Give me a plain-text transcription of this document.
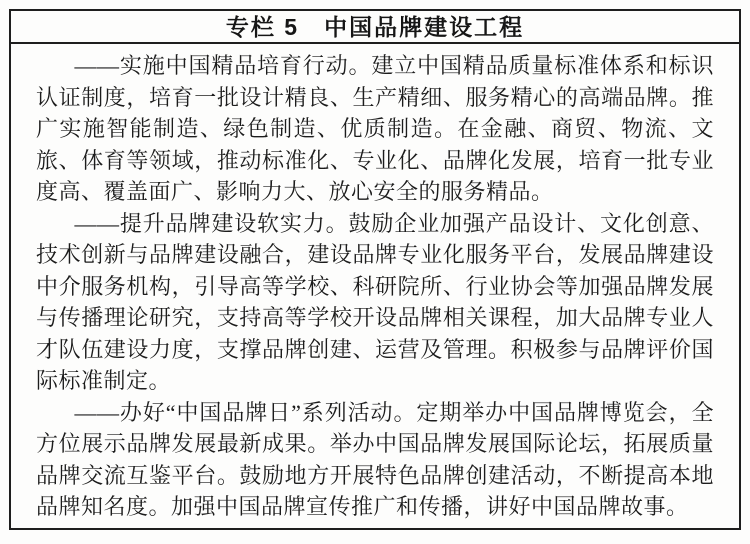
专栏 5　中国品牌建设工程

——实施中国精品培育行动。建立中国精品质量标准体系和标识认证制度，培育一批设计精良、生产精细、服务精心的高端品牌。推广实施智能制造、绿色制造、优质制造。在金融、商贸、物流、文旅、体育等领域，推动标准化、专业化、品牌化发展，培育一批专业度高、覆盖面广、影响力大、放心安全的服务精品。

——提升品牌建设软实力。鼓励企业加强产品设计、文化创意、技术创新与品牌建设融合，建设品牌专业化服务平台，发展品牌建设中介服务机构，引导高等学校、科研院所、行业协会等加强品牌发展与传播理论研究，支持高等学校开设品牌相关课程，加大品牌专业人才队伍建设力度，支撑品牌创建、运营及管理。积极参与品牌评价国际标准制定。

——办好“中国品牌日”系列活动。定期举办中国品牌博览会，全方位展示品牌发展最新成果。举办中国品牌发展国际论坛，拓展质量品牌交流互鉴平台。鼓励地方开展特色品牌创建活动，不断提高本地品牌知名度。加强中国品牌宣传推广和传播，讲好中国品牌故事。
